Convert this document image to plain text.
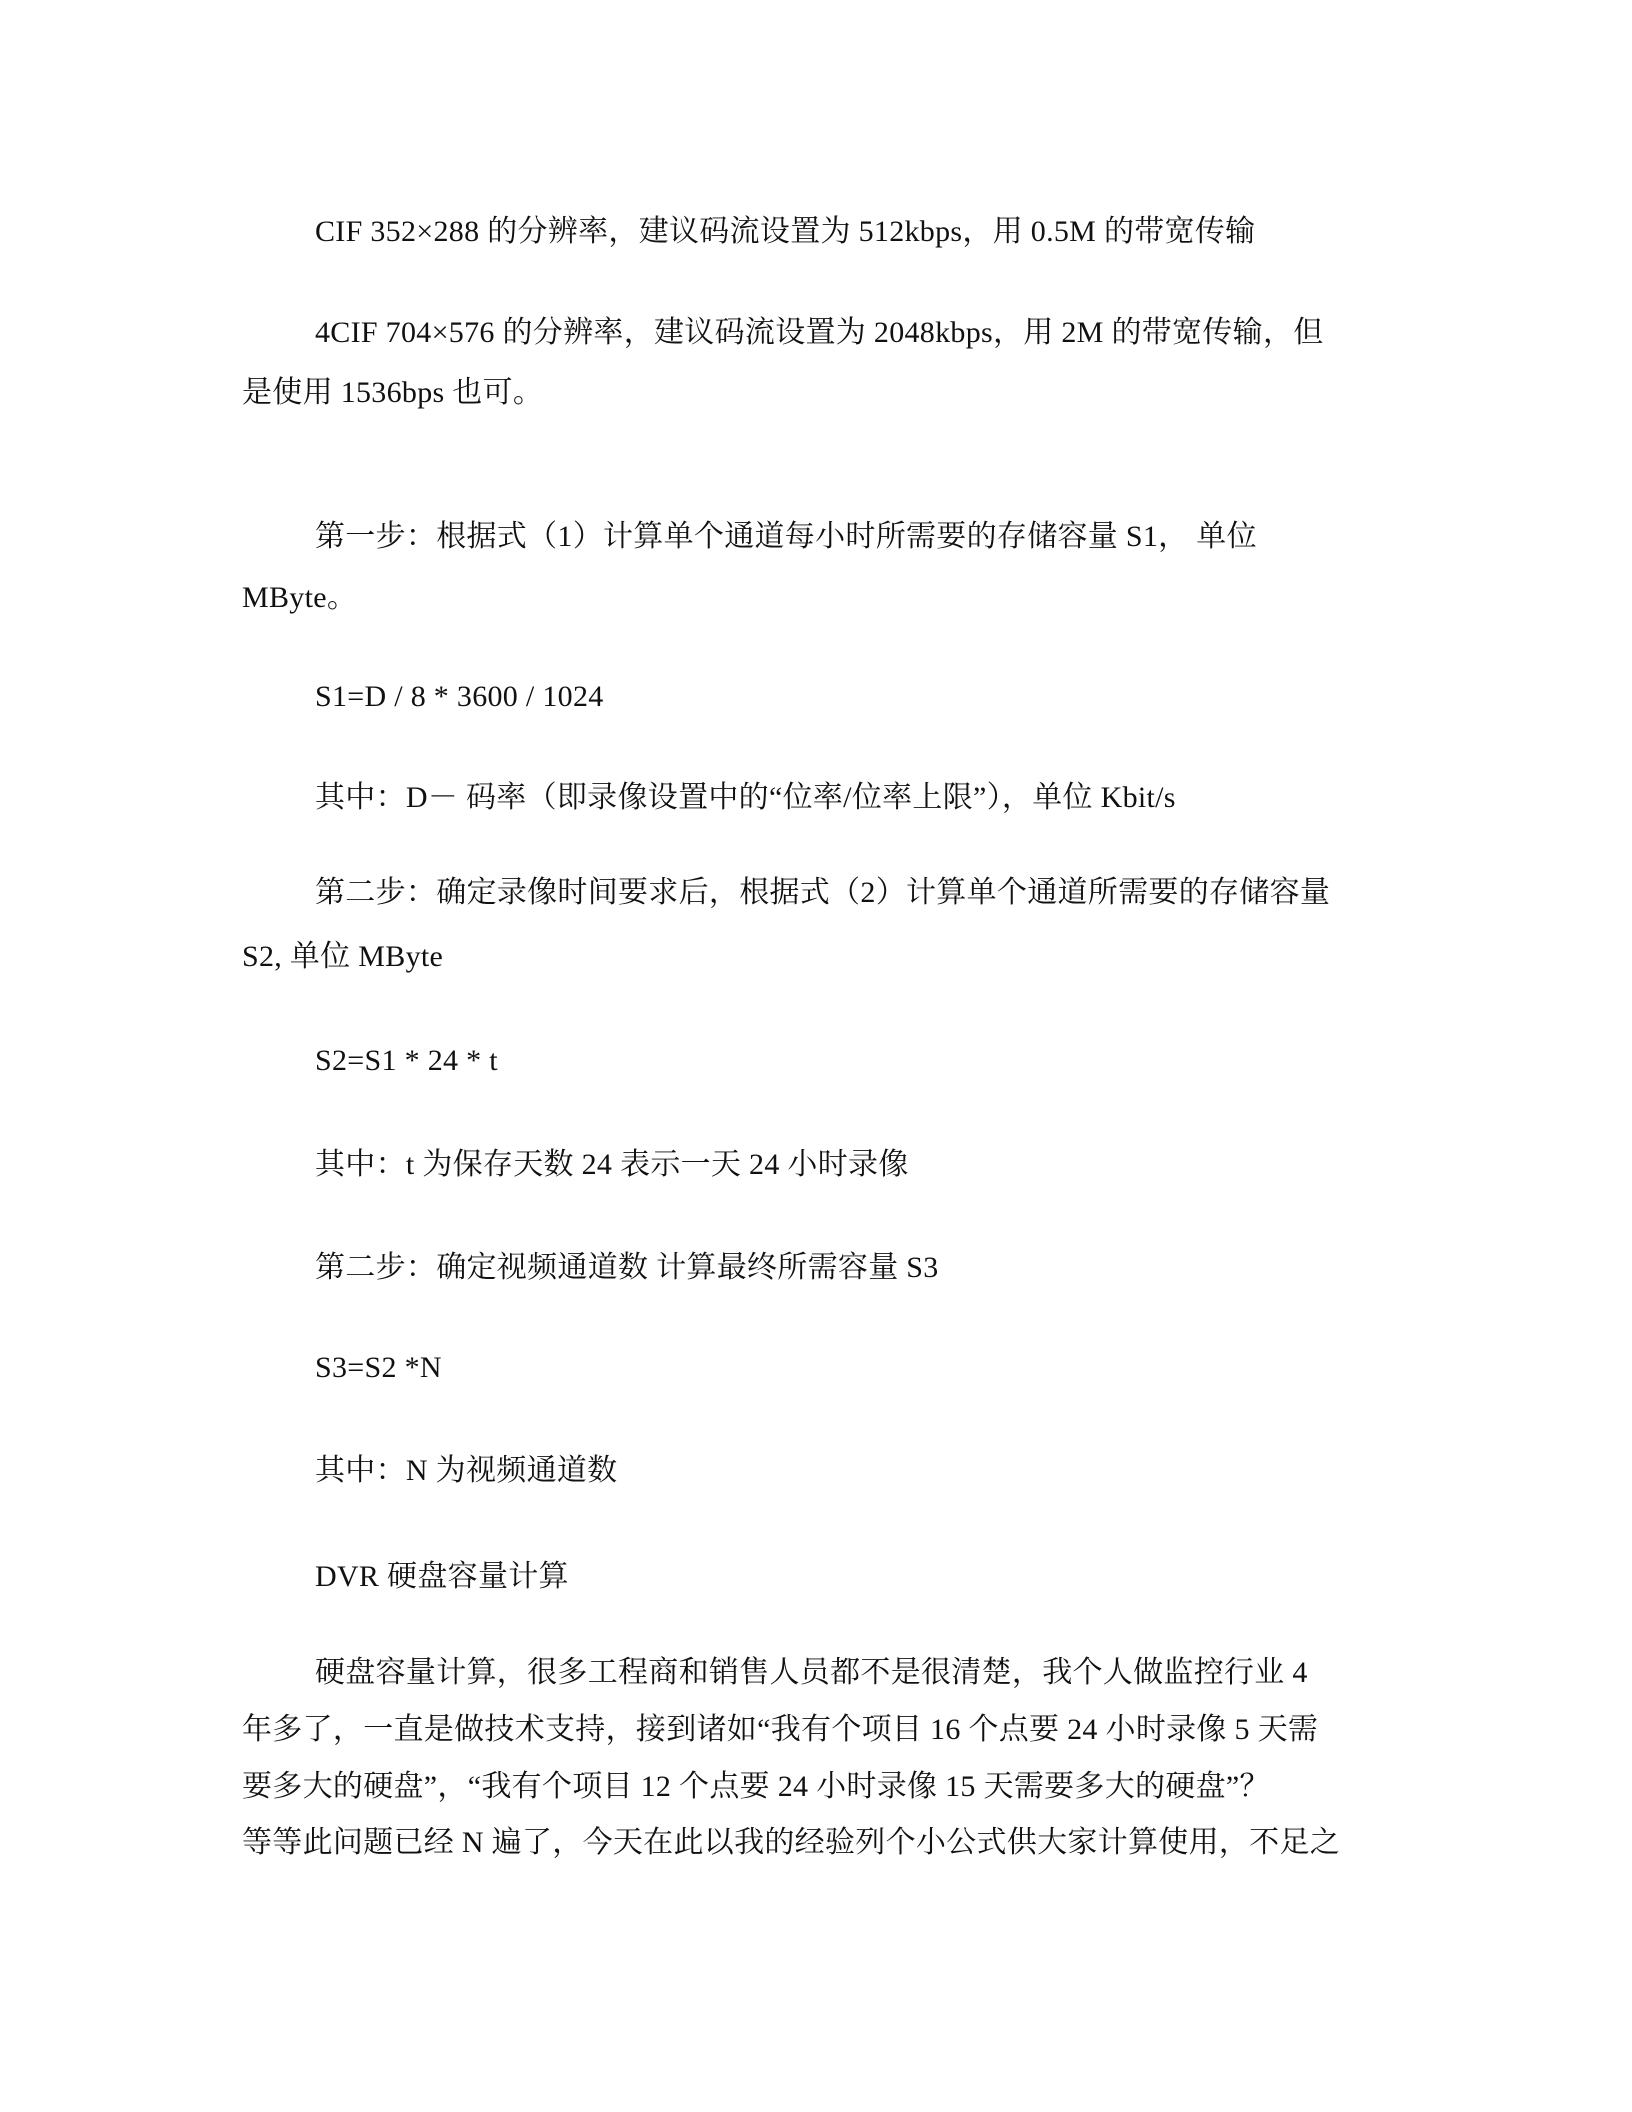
CIF 352×288 的分辨率，建议码流设置为 512kbps，用 0.5M 的带宽传输
4CIF 704×576 的分辨率，建议码流设置为 2048kbps，用 2M 的带宽传输，但
是使用 1536bps 也可。
第一步：根据式（1）计算单个通道每小时所需要的存储容量 S1， 单位
MByte。
S1=D / 8 * 3600 / 1024
其中：D－ 码率（即录像设置中的“位率/位率上限”），单位 Kbit/s
第二步：确定录像时间要求后，根据式（2）计算单个通道所需要的存储容量
S2, 单位 MByte
S2=S1 * 24 * t
其中：t 为保存天数 24 表示一天 24 小时录像
第二步：确定视频通道数 计算最终所需容量 S3
S3=S2 *N
其中：N 为视频通道数
DVR 硬盘容量计算
硬盘容量计算，很多工程商和销售人员都不是很清楚，我个人做监控行业 4
年多了，一直是做技术支持，接到诸如“我有个项目 16 个点要 24 小时录像 5 天需
要多大的硬盘”，“我有个项目 12 个点要 24 小时录像 15 天需要多大的硬盘”？
等等此问题已经 N 遍了，今天在此以我的经验列个小公式供大家计算使用，不足之
